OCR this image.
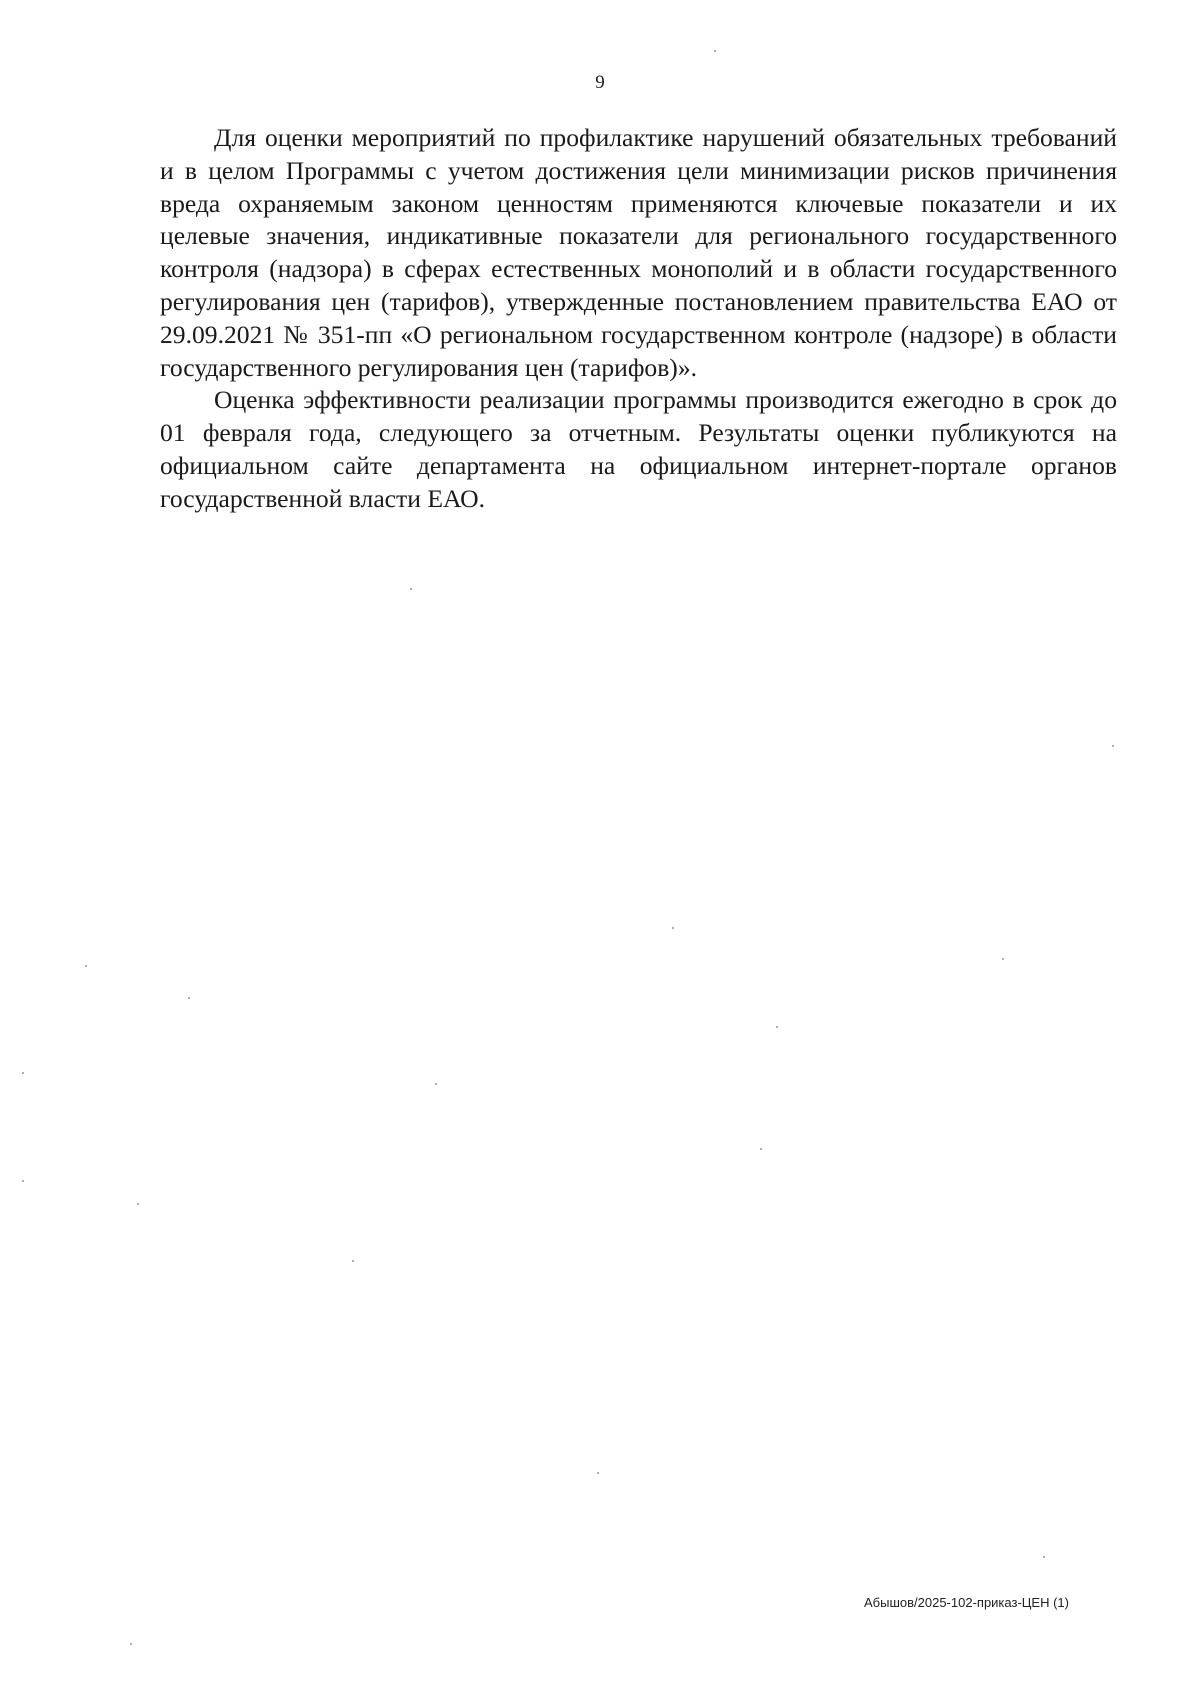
9

Для оценки мероприятий по профилактике нарушений обязательных требований и в целом Программы с учетом достижения цели минимизации рисков причинения вреда охраняемым законом ценностям применяются ключевые показатели и их целевые значения, индикативные показатели для регионального государственного контроля (надзора) в сферах естественных монополий и в области государственного регулирования цен (тарифов), утвержденные постановлением правительства ЕАО от 29.09.2021 № 351-пп «О региональном государственном контроле (надзоре) в области государственного регулирования цен (тарифов)».

Оценка эффективности реализации программы производится ежегодно в срок до 01 февраля года, следующего за отчетным. Результаты оценки публикуются на официальном сайте департамента на официальном интернет-портале органов государственной власти ЕАО.

Абышов/2025-102-приказ-ЦЕН (1)
